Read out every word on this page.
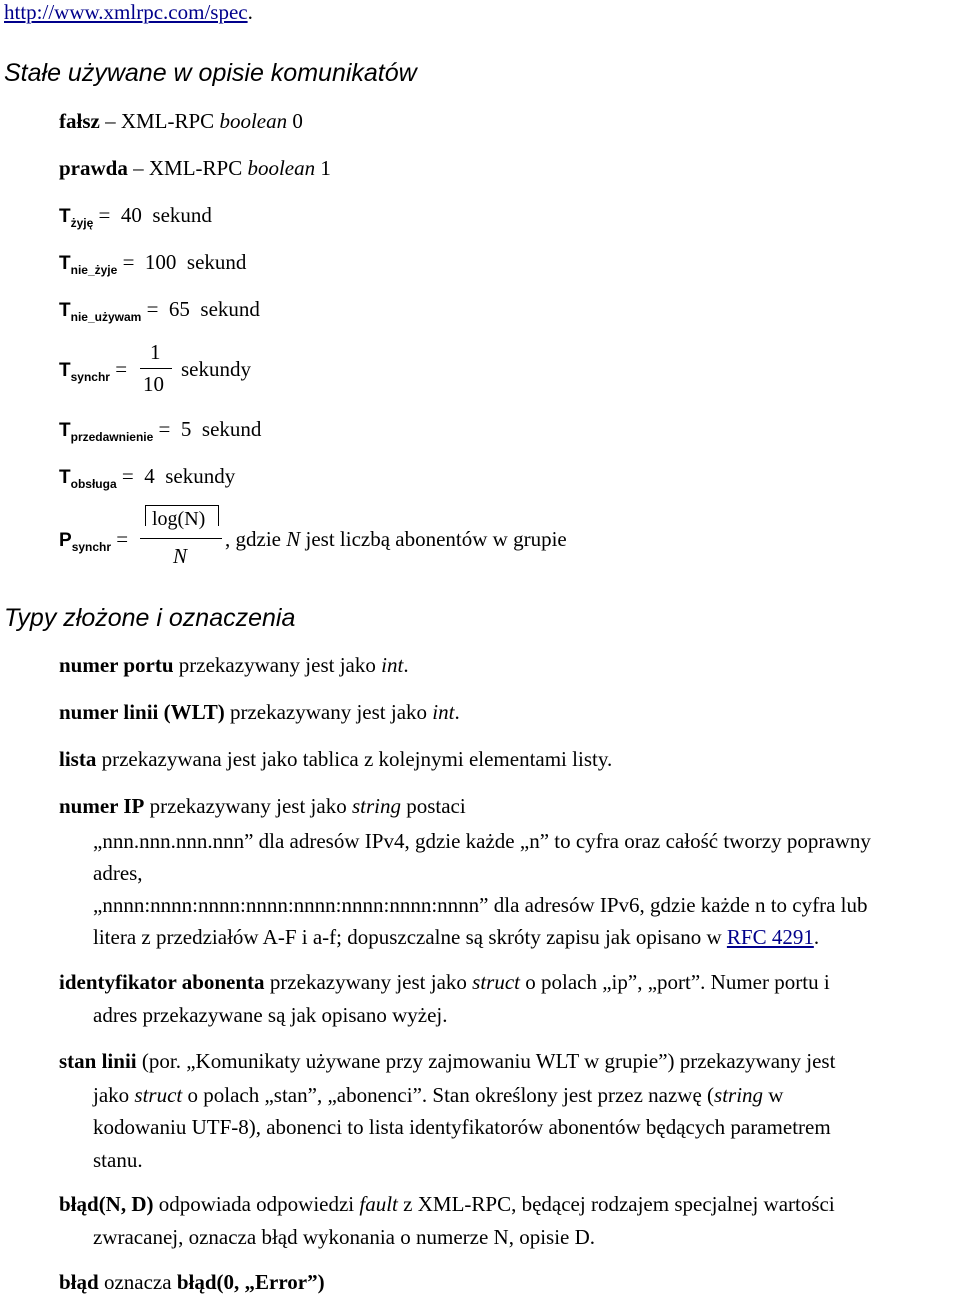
http://www.xmlrpc.com/spec.
Stałe używane w opisie komunikatów
fałsz – XML-RPC boolean 0
prawda – XML-RPC boolean 1
$T_{żyję} = 40$  sekund
$T_{nie\_żyje} = 100$  sekund
$T_{nie\_używam} = 65$  sekund
$T_{synchr}$ =
1
10
sekundy
$T_{przedawnienie} = 5$  sekund
$T_{obsługa} = 4$  sekundy
$P_{synchr}$ =
log(N)
N
, gdzie N jest liczbą abonentów w grupie
Typy złożone i oznaczenia
numer portu przekazywany jest jako int.
numer linii (WLT) przekazywany jest jako int.
lista przekazywana jest jako tablica z kolejnymi elementami listy.
numer IP przekazywany jest jako string postaci
„nnn.nnn.nnn.nnn” dla adresów IPv4, gdzie każde „n” to cyfra oraz całość tworzy poprawny
adres,
„nnnn:nnnn:nnnn:nnnn:nnnn:nnnn:nnnn:nnnn” dla adresów IPv6, gdzie każde n to cyfra lub
litera z przedziałów A-F i a-f; dopuszczalne są skróty zapisu jak opisano w RFC 4291.
identyfikator abonenta przekazywany jest jako struct o polach „ip”, „port”. Numer portu i
adres przekazywane są jak opisano wyżej.
stan linii (por. „Komunikaty używane przy zajmowaniu WLT w grupie”) przekazywany jest
jako struct o polach „stan”, „abonenci”. Stan określony jest przez nazwę (string w
kodowaniu UTF-8), abonenci to lista identyfikatorów abonentów będących parametrem
stanu.
błąd(N, D) odpowiada odpowiedzi fault z XML-RPC, będącej rodzajem specjalnej wartości
zwracanej, oznacza błąd wykonania o numerze N, opisie D.
błąd oznacza błąd(0, „Error”)
